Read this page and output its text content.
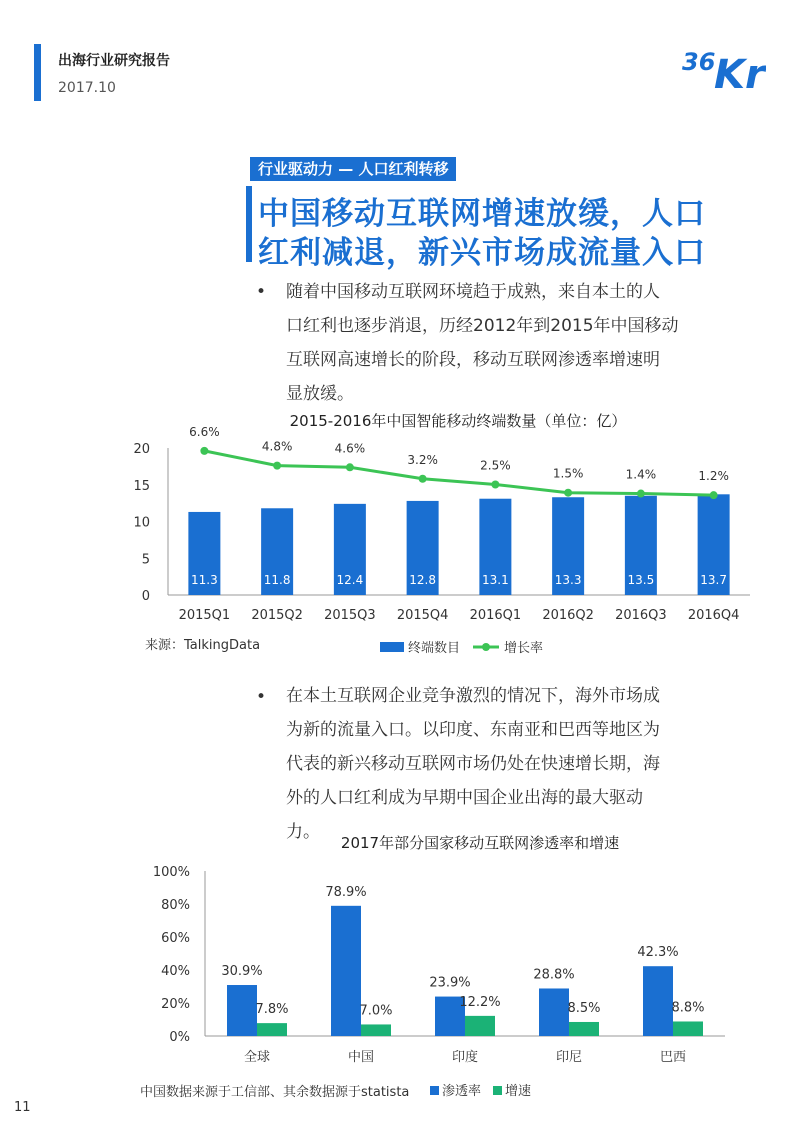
出海行业研究报告
2017.10
36
Kr
行业驱动力 — 人口红利转移
中国移动互联网增速放缓，人口
红利减退，新兴市场成流量入口
• 随着中国移动互联网环境趋于成熟，来自本土的人
口红利也逐步消退，历经2012年到2015年中国移动
互联网高速增长的阶段，移动互联网渗透率增速明
显放缓。
2015-2016年中国智能移动终端数量（单位：亿）
0
5
10
15
20
11.3
2015Q1
11.8
2015Q2
12.4
2015Q3
12.8
2015Q4
13.1
2016Q1
13.3
2016Q2
13.5
2016Q3
13.7
2016Q4
6.6%
4.8%	4.6%
3.2%	2.5%
1.5%	1.4%	1.2%
来源：TalkingData	终端数目	增长率
• 在本土互联网企业竞争激烈的情况下，海外市场成
为新的流量入口。以印度、东南亚和巴西等地区为
代表的新兴移动互联网市场仍处在快速增长期，海
外的人口红利成为早期中国企业出海的最大驱动
力。
2017年部分国家移动互联网渗透率和增速
0%
20%
40%
60%
80%
100%
30.9%
7.8%
全球
78.9%
7.0%
中国
23.9%
12.2%
印度
28.8%
8.5%
印尼
42.3%
8.8%
巴西
中国数据来源于工信部、其余数据源于statista	渗透率 增速
11
